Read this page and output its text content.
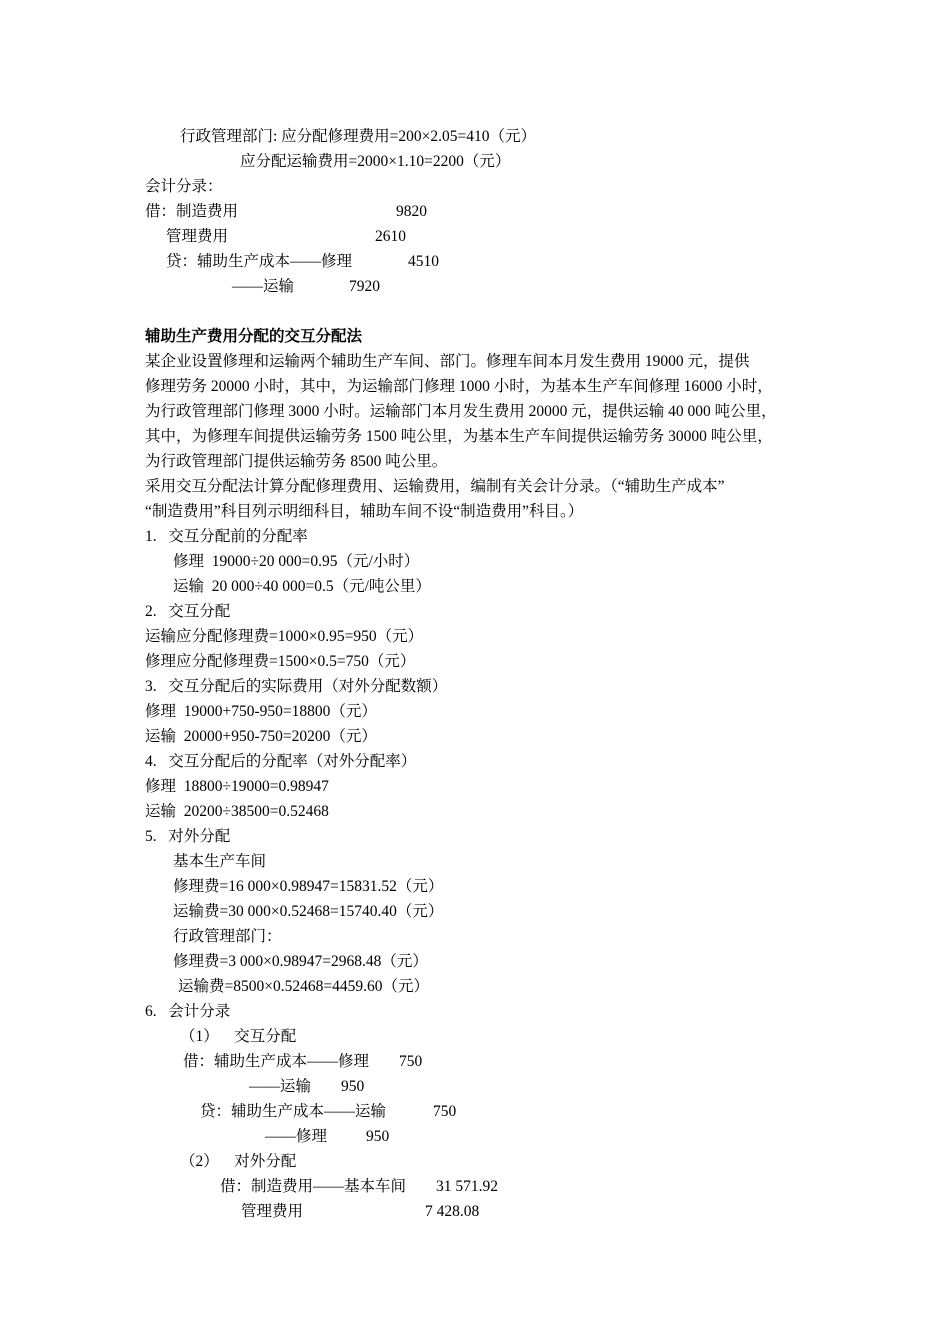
行政管理部门: 应分配修理费用=200×2.05=410（元）
应分配运输费用=2000×1.10=2200（元）
会计分录：
借：制造费用	9820
管理费用	2610
贷：辅助生产成本——修理	4510
——运输	7920
辅助生产费用分配的交互分配法
某企业设置修理和运输两个辅助生产车间、部门。修理车间本月发生费用 19000 元，提供
修理劳务 20000 小时，其中，为运输部门修理 1000 小时，为基本生产车间修理 16000 小时，
为行政管理部门修理 3000 小时。运输部门本月发生费用 20000 元，提供运输 40 000 吨公里，
其中，为修理车间提供运输劳务 1500 吨公里，为基本生产车间提供运输劳务 30000 吨公里，
为行政管理部门提供运输劳务 8500 吨公里。
采用交互分配法计算分配修理费用、运输费用，编制有关会计分录。（“辅助生产成本”
“制造费用”科目列示明细科目，辅助车间不设“制造费用”科目。）
1.   交互分配前的分配率
修理  19000÷20 000=0.95（元/小时）
运输  20 000÷40 000=0.5（元/吨公里）
2.   交互分配
运输应分配修理费=1000×0.95=950（元）
修理应分配修理费=1500×0.5=750（元）
3.   交互分配后的实际费用（对外分配数额）
修理  19000+750-950=18800（元）
运输  20000+950-750=20200（元）
4.   交互分配后的分配率（对外分配率）
修理  18800÷19000=0.98947
运输  20200÷38500=0.52468
5.   对外分配
基本生产车间
修理费=16 000×0.98947=15831.52（元）
运输费=30 000×0.52468=15740.40（元）
行政管理部门：
修理费=3 000×0.98947=2968.48（元）
运输费=8500×0.52468=4459.60（元）
6.   会计分录
（1）    交互分配
借：辅助生产成本——修理 750
——运输 950
贷：辅助生产成本——运输	750
——修理	950
（2）    对外分配
借：制造费用——基本车间 31 571.92
管理费用	7 428.08
